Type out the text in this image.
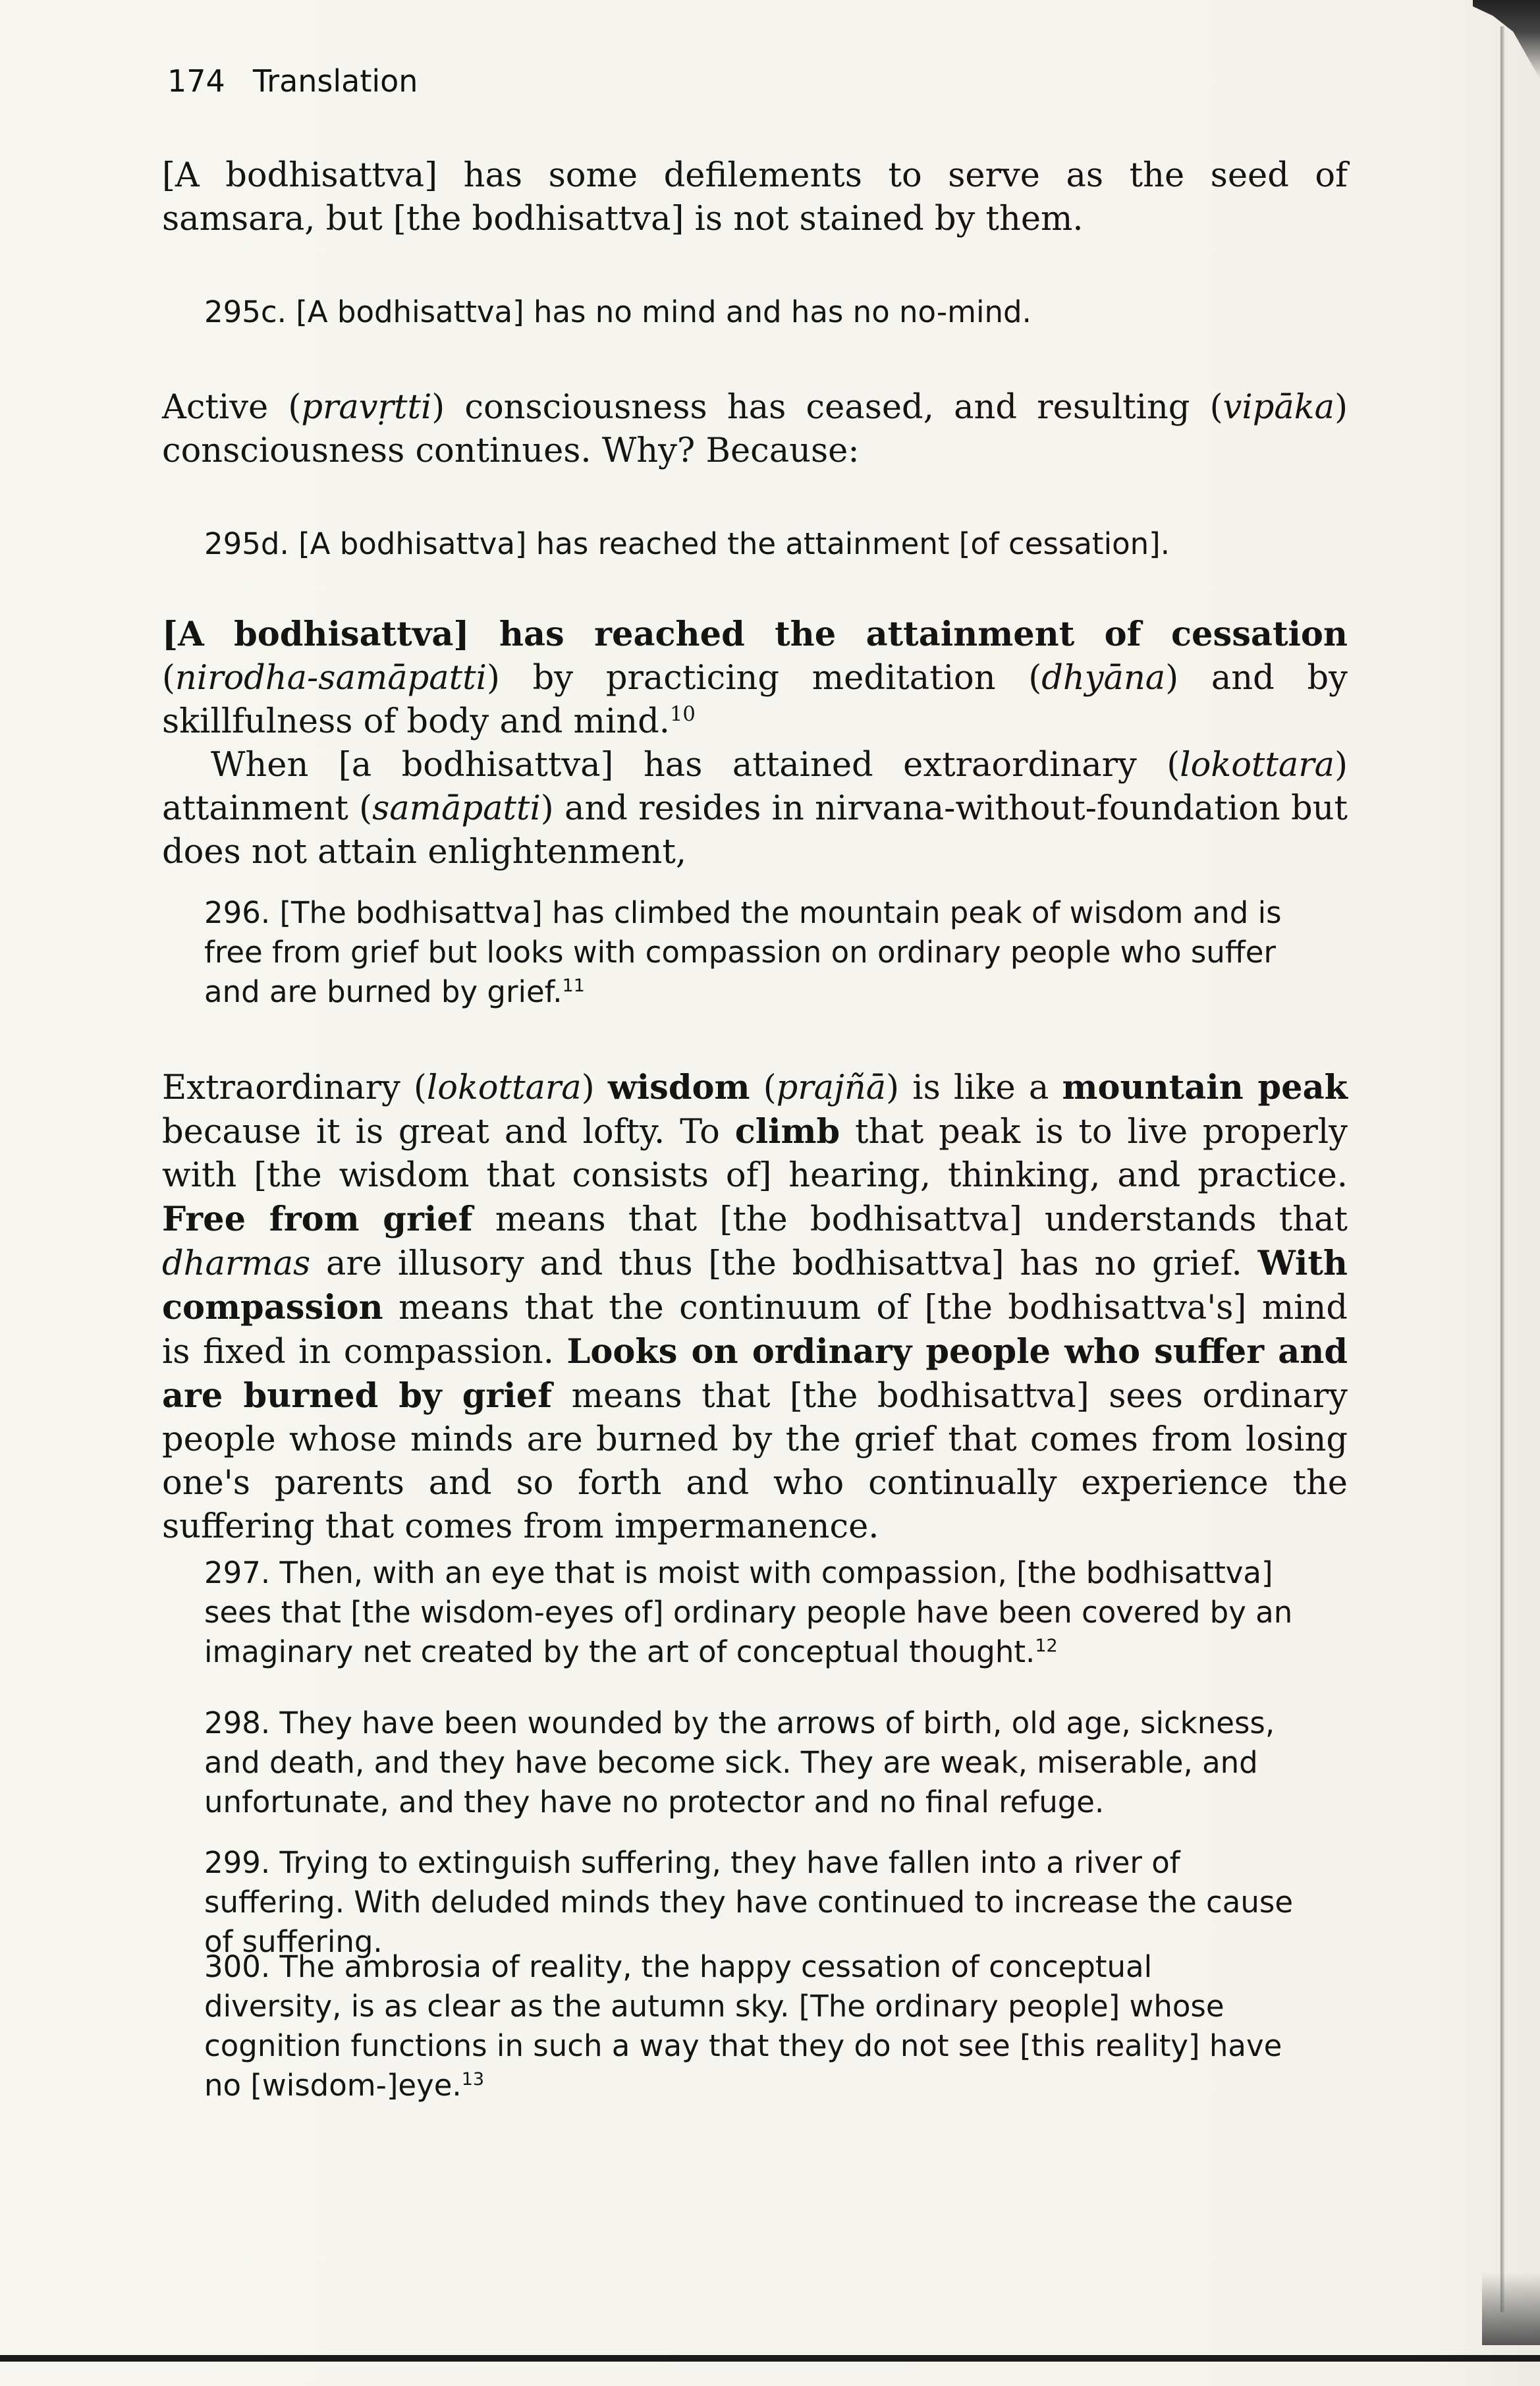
174 Translation

[A bodhisattva] has some defilements to serve as the seed of samsara, but [the bodhisattva] is not stained by them.

295c. [A bodhisattva] has no mind and has no no-mind.

Active (pravṛtti) consciousness has ceased, and resulting (vipāka) consciousness continues. Why? Because:

295d. [A bodhisattva] has reached the attainment [of cessation].

[A bodhisattva] has reached the attainment of cessation (nirodha-samāpatti) by practicing meditation (dhyāna) and by skillfulness of body and mind.$^{10}$

When [a bodhisattva] has attained extraordinary (lokottara) attainment (samāpatti) and resides in nirvana-without-foundation but does not attain enlightenment,

296. [The bodhisattva] has climbed the mountain peak of wisdom and is free from grief but looks with compassion on ordinary people who suffer and are burned by grief.$^{11}$

Extraordinary (lokottara) wisdom (prajñā) is like a mountain peak because it is great and lofty. To climb that peak is to live properly with [the wisdom that consists of] hearing, thinking, and practice. Free from grief means that [the bodhisattva] understands that dharmas are illusory and thus [the bodhisattva] has no grief. With compassion means that the continuum of [the bodhisattva's] mind is fixed in compassion. Looks on ordinary people who suffer and are burned by grief means that [the bodhisattva] sees ordinary people whose minds are burned by the grief that comes from losing one's parents and so forth and who continually experience the suffering that comes from impermanence.

297. Then, with an eye that is moist with compassion, [the bodhisattva] sees that [the wisdom-eyes of] ordinary people have been covered by an imaginary net created by the art of conceptual thought.$^{12}$

298. They have been wounded by the arrows of birth, old age, sickness, and death, and they have become sick. They are weak, miserable, and unfortunate, and they have no protector and no final refuge.

299. Trying to extinguish suffering, they have fallen into a river of suffering. With deluded minds they have continued to increase the cause of suffering.

300. The ambrosia of reality, the happy cessation of conceptual diversity, is as clear as the autumn sky. [The ordinary people] whose cognition functions in such a way that they do not see [this reality] have no [wisdom-]eye.$^{13}$
